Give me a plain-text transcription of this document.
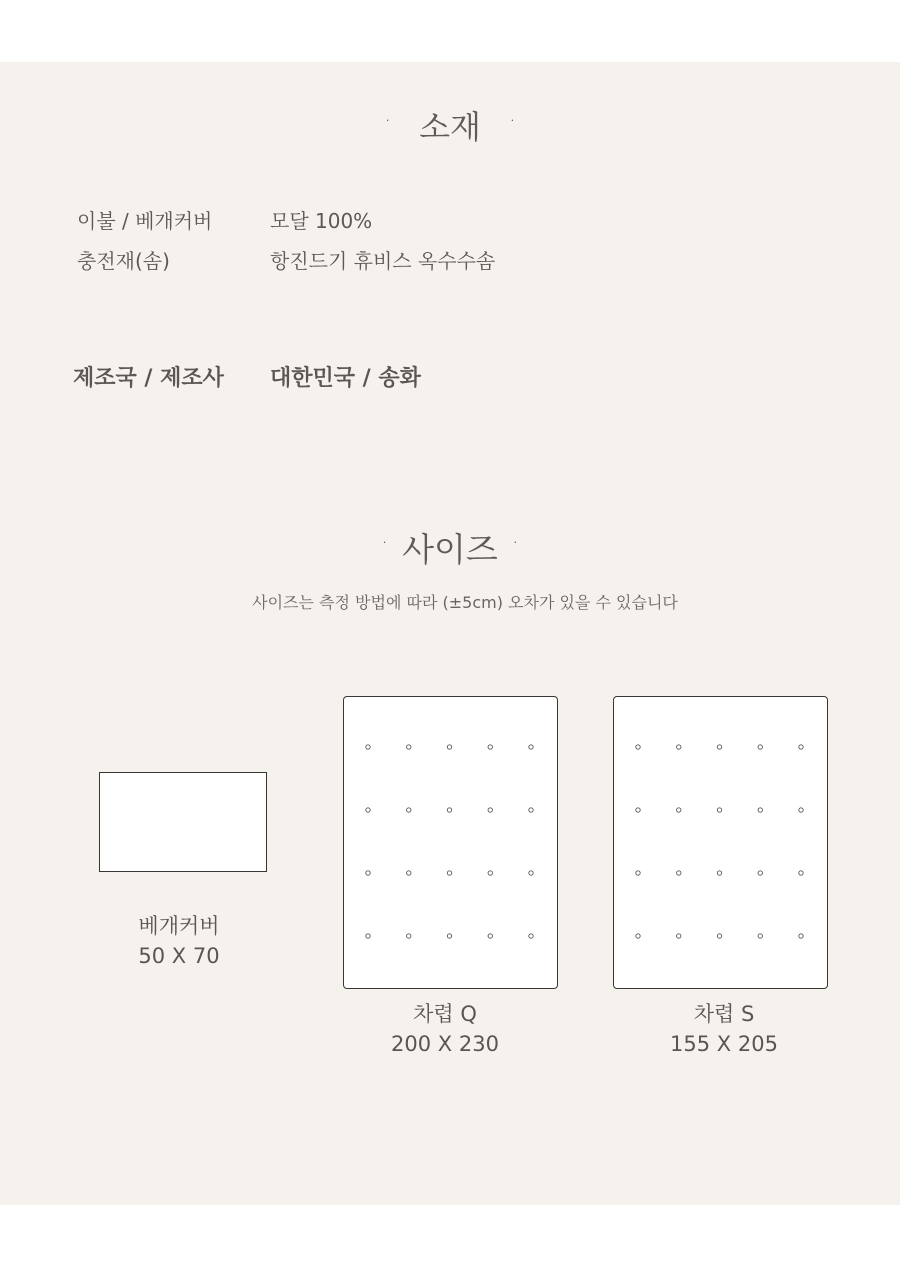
· 소재 ·
이불 / 베개커버	모달 100%
충전재(솜)	항진드기 휴비스 옥수수솜
제조국 / 제조사 대한민국 / 송화
· 사이즈 ·
사이즈는 측정 방법에 따라 (±5cm) 오차가 있을 수 있습니다
베개커버
50 X 70
차렵 Q
200 X 230
차렵 S
155 X 205
